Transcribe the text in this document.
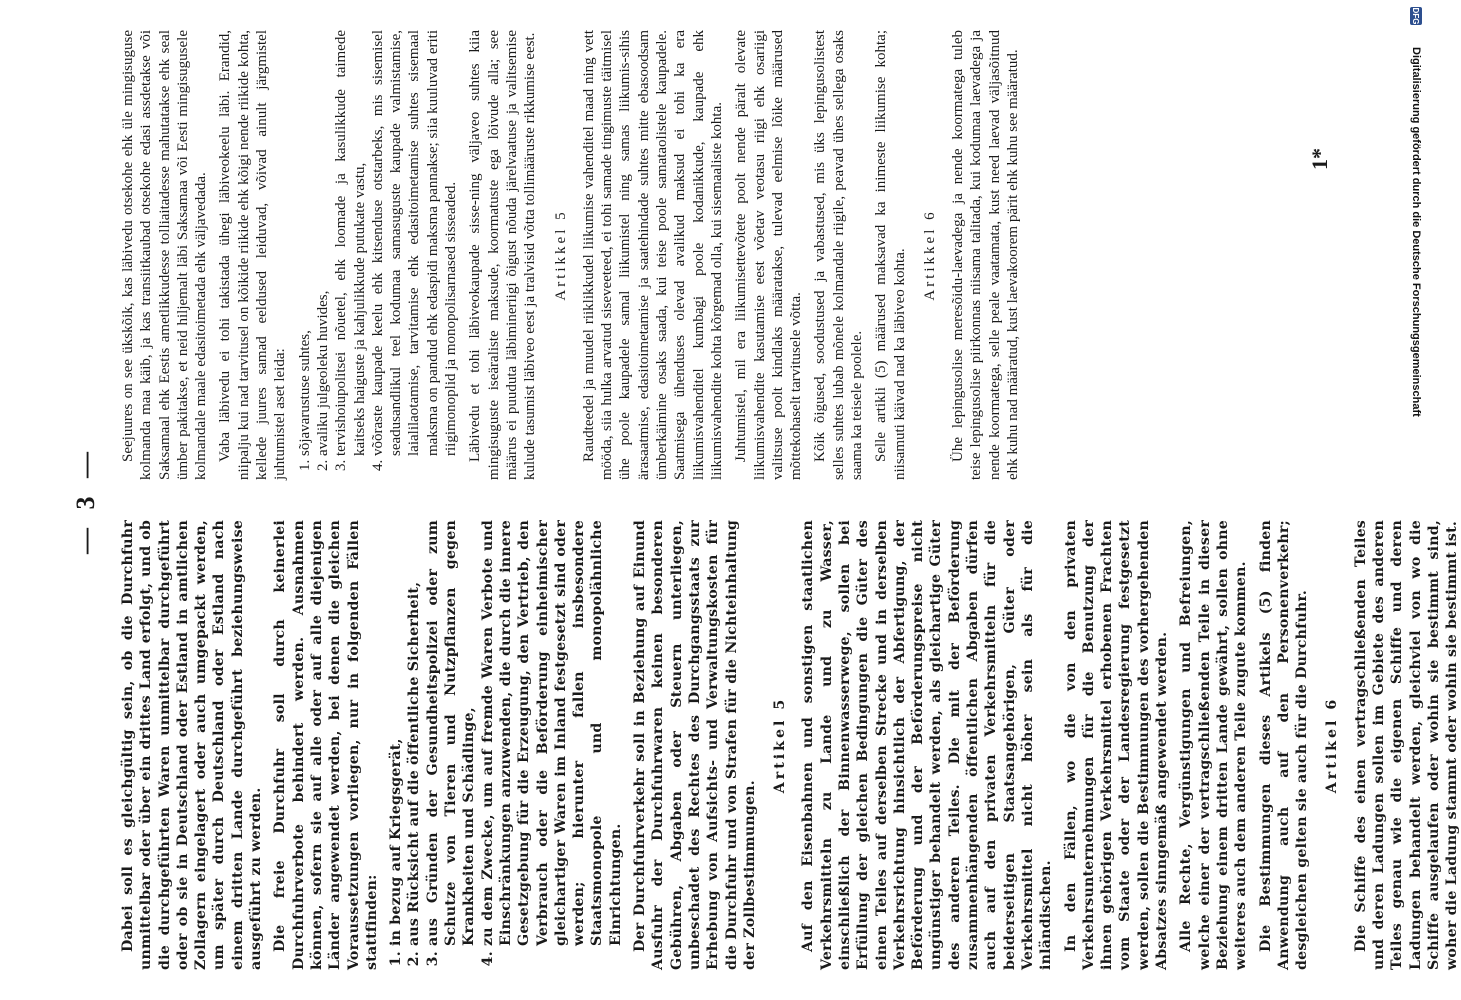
— 3 —

Dabei soll es gleichgültig sein, ob die Durchfuhr unmittelbar oder über ein drittes Land erfolgt, und ob die durchgeführten Waren unmittelbar durchgeführt oder ob sie in Deutschland oder Estland in amtlichen Zollagern eingelagert oder auch umgepackt werden, um später durch Deutschland oder Estland nach einem dritten Lande durchgeführt beziehungsweise ausgeführt zu werden. Die freie Durchfuhr soll durch keinerlei Durchfuhrverbote behindert werden. Ausnahmen können, sofern sie auf alle oder auf alle diejenigen Länder angewendet werden, bei denen die gleichen Voraussetzungen vorliegen, nur in folgenden Fällen stattfinden: 1. in bezug auf Kriegsgerät, 2. aus Rücksicht auf die öffentliche Sicherheit, 3. aus Gründen der Gesundheitspolizei oder zum Schutze von Tieren und Nutzpflanzen gegen Krankheiten und Schädlinge, 4. zu dem Zwecke, um auf fremde Waren Verbote und Einschränkungen anzuwenden, die durch die innere Gesetzgebung für die Erzeugung, den Vertrieb, den Verbrauch oder die Beförderung einheimischer gleichartiger Waren im Inland festgesetzt sind oder werden; hierunter fallen insbesondere Staatsmonopole und monopolähnliche Einrichtungen. Der Durchfuhrverkehr soll in Beziehung auf Einund Ausfuhr der Durchfuhrwaren keinen besonderen Gebühren, Abgaben oder Steuern unterliegen, unbeschadet des Rechtes des Durchgangsstaats zur Erhebung von Aufsichts- und Verwaltungskosten für die Durchfuhr und von Strafen für die Nichteinhaltung der Zollbestimmungen.

Artikel 5 Auf den Eisenbahnen und sonstigen staatlichen Verkehrsmitteln zu Lande und zu Wasser, einschließlich der Binnenwasserwege, sollen bei Erfüllung der gleichen Bedingungen die Güter des einen Teiles auf derselben Strecke und in derselben Verkehrsrichtung hinsichtlich der Abfertigung, der Beförderung und der Beförderungspreise nicht ungünstiger behandelt werden, als gleichartige Güter des anderen Teiles. Die mit der Beförderung zusammenhängenden öffentlichen Abgaben dürfen auch auf den privaten Verkehrsmitteln für die beiderseitigen Staatsangehörigen, Güter oder Verkehrsmittel nicht höher sein als für die inländischen. In den Fällen, wo die von den privaten Verkehrsunternehmungen für die Benutzung der ihnen gehörigen Verkehrsmittel erhobenen Frachten vom Staate oder der Landesregierung festgesetzt werden, sollen die Bestimmungen des vorhergehenden Absatzes sinngemäß angewendet werden. Alle Rechte, Vergünstigungen und Befreiungen, welche einer der vertragschließenden Teile in dieser Beziehung einem dritten Lande gewährt, sollen ohne weiteres auch dem anderen Teile zugute kommen. Die Bestimmungen dieses Artikels (5) finden Anwendung auch auf den Personenverkehr; desgleichen gelten sie auch für die Durchfuhr. Artikel 6 Die Schiffe des einen vertragschließenden Teiles und deren Ladungen sollen im Gebiete des anderen Teiles genau wie die eigenen Schiffe und deren Ladungen behandelt werden, gleichviel von wo die Schiffe ausgelaufen oder wohin sie bestimmt sind, woher die Ladung stammt oder wohin sie bestimmt ist.

Seejuures on see ükskõik, kas läbivedu otsekohe ehk üle mingisuguse kolmanda maa käib, ja kas transiitkaubad otsekohe edasi assdetakse või Saksamaal ehk Eestis ametlikkudesse tolliaitadesse mahutatakse ehk seal ümber pakitakse, et neid hiljemalt läbi Saksamaa või Eesti mingisugusele kolmandale maale edasitoimetada ehk väljavedada. Vaba läbivedu ei tohi takistada ühegi läbiveokeelu läbi. Erandid, niipalju kui nad tarvitusel on kõikide riikide ehk kõigi nende riikide kohta, kellede juures samad eeldused leiduvad, võivad ainult järgmistel juhtumistel aset leida: 1. sõjavarustuse suhtes, 2. avaliku julgeoleku huvides, 3. tervishoiupolitsei nõuetel, ehk loomade ja kasulikkude taimede kaitseks haiguste ja kahjulikkude putukate vastu, 4. võõraste kaupade keelu ehk kitsenduse otstarbeks, mis sisemisel seadusandlikul teel kodumaa samasuguste kaupade valmistamise, laialilaotamise, tarvitamise ehk edasitoimetamise suhtes sisemaal maksma on pandud ehk edaspidi maksma pannakse; siia kuuluvad eriti riigimonoplid ja monopolisarnased sisseaded. Läbivedu et tohi läbiveokaupade sisse-ning väljaveo suhtes kiia mingisuguste iseäraliste maksude, koormatuste ega lõivude alla; see määrus ei puuduta läbimineriigi õigust nõuda järelvaatuse ja valitsemise kulude tasumist läbiveo eest ja tralvisid võtta tollimääruste rikkumise eest. Artikkel 5 Raudteedel ja muudel riiklikkudel liikumise vahenditel maad ning vett mööda, siia hulka arvatud siseveeteed, ei tohi samade tingimuste täitmisel ühe poole kaupadele samal liikumistel ning samas liikumis-sihis ärasaatmise, edasitoimetamise ja saatehindade suhtes mitte ebasoodsam ümberkäimine osaks saada, kui teise poole samataolistele kaupadele. Saatmisega ühenduses olevad avalikud maksud ei tohi ka era liikumisvahenditel kumbagi poole kodanikkude, kaupade ehk liikumisvahendite kohta kõrgemad olla, kui sisemaaliste kohta. Juhtumistel, mil era liikumisettevõtete poolt nende päralt olevate liikumisvahendite kasutamise eest võetav veotasu riigi ehk osariigi valitsuse poolt kindlaks määratakse, tulevad eelmise lõike määrused mõttekohaselt tarvitusele võtta. Kõik õigused, soodustused ja vabastused, mis üks lepingusolistest selles suhtes lubab mõnele kolmandale riigile, peavad ühes sellega osaks saama ka teisele poolele. Selle artikli (5) määrused maksavad ka inimeste liikumise kohta; niisamuti käivad nad ka läbiveo kohta. Artikkel 6 Ühe lepingusolise meresõidu-laevadega ja nende koormatega tuleb teise lepingusolise piirkonnas niisama talitada, kui kodumaa laevadega ja nende koormatega, selle peale vaatamata, kust need laevad väljasõitnud ehk kuhu nad määratud, kust laevakoorem pärit ehk kuhu see määratud.	1*
DFG
Digitalisierung gefördert durch die Deutsche Forschungsgemeinschaft
